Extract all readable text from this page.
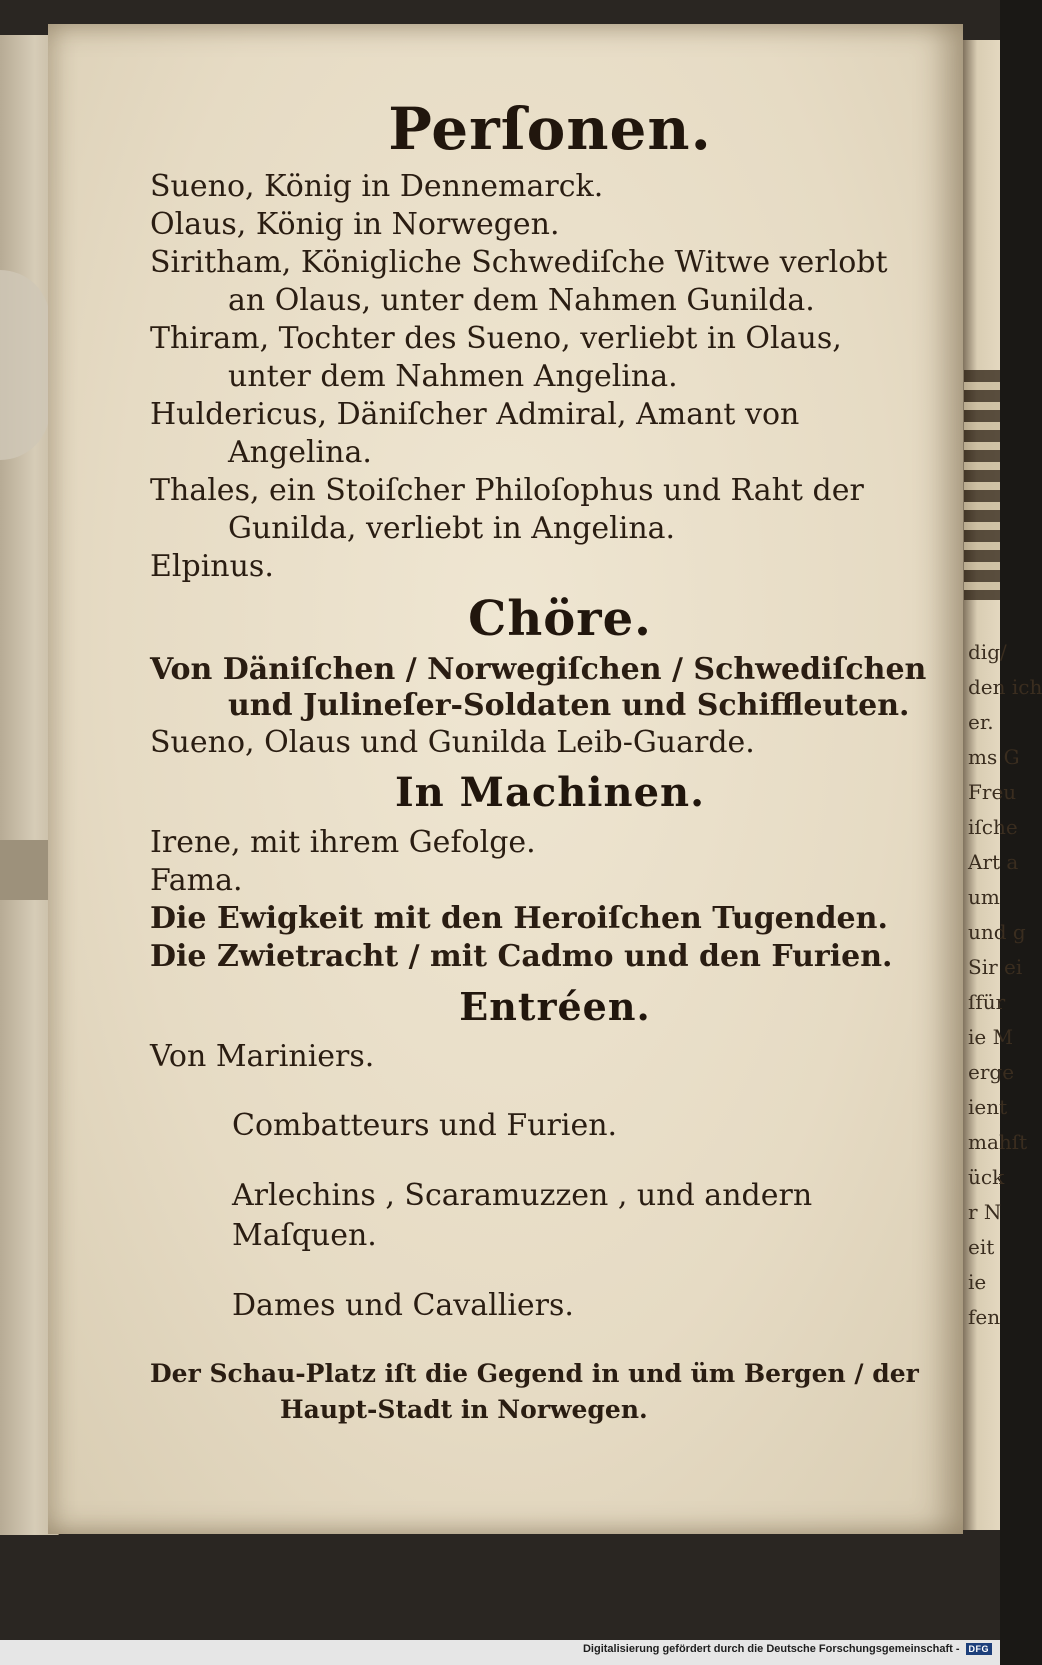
dig/
den ich
er.
ms G
Freu
iſche
Art a
um
und g
Sir ei
ſfür
ie M
erge
ient
mahſt
ück
r N
eit
ie
fen
Perſonen.

Sueno, König in Dennemarck.

Olaus, König in Norwegen.

Siritham, Königliche Schwediſche Witwe verlobt an Olaus, unter dem Nahmen Gunilda.

Thiram, Tochter des Sueno, verliebt in Olaus, unter dem Nahmen Angelina.

Huldericus, Däniſcher Admiral, Amant von Angelina.

Thales, ein Stoiſcher Philoſophus und Raht der Gunilda, verliebt in Angelina.

Elpinus.

Chöre.

Von Däniſchen / Norwegiſchen / Schwediſchen und Julineſer-Soldaten und Schiffleuten.

Sueno, Olaus und Gunilda Leib-Guarde.

In Machinen.

Irene, mit ihrem Gefolge.

Fama.

Die Ewigkeit mit den Heroiſchen Tugenden.

Die Zwietracht / mit Cadmo und den Furien.

Entréen.

Von Mariniers.

Combatteurs und Furien.

Arlechins , Scaramuzzen , und andern Maſquen.

Dames und Cavalliers.

Der Schau-Platz iſt die Gegend in und üm Bergen / der Haupt-Stadt in Norwegen.

Digitalisierung gefördert durch die Deutsche Forschungsgemeinschaft -	DFG
